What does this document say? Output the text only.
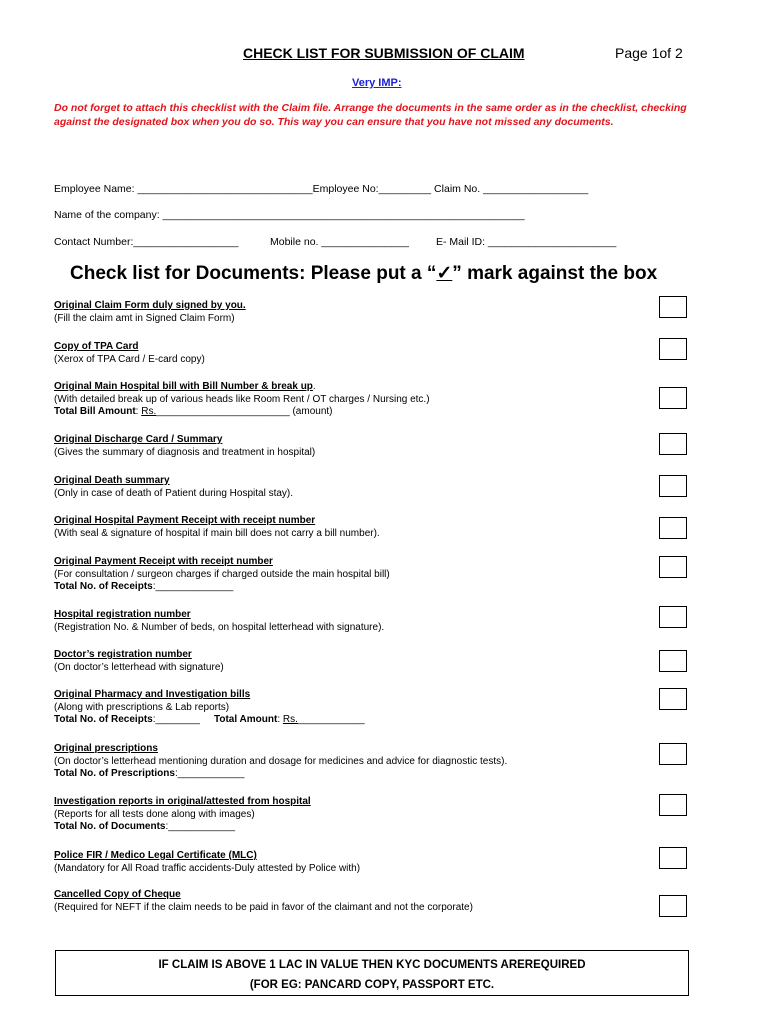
CHECK LIST FOR SUBMISSION OF CLAIM	Page 1of 2
Very IMP:
Do not forget to attach this checklist with the Claim file. Arrange the documents in the same order as in the checklist, checking against the designated box when you do so. This way you can ensure that you have not missed any documents.
Employee Name: ______________________________Employee No:_________ Claim No. __________________
Name of the company: ______________________________________________________________
Contact Number:__________________	Mobile no. _______________	E- Mail ID: ______________________
Check list for Documents: Please put a “✓” mark against the box
Original Claim Form duly signed by you.
(Fill the claim amt in Signed Claim Form)
Copy of TPA Card
(Xerox of TPA Card / E-card copy)
Original Main Hospital bill with Bill Number & break up.
(With detailed break up of various heads like Room Rent / OT charges / Nursing etc.)
Total Bill Amount: Rs.________________________ (amount)
Original Discharge Card / Summary
(Gives the summary of diagnosis and treatment in hospital)
Original Death summary
(Only in case of death of Patient during Hospital stay).
Original Hospital Payment Receipt with receipt number
(With seal & signature of hospital if main bill does not carry a bill number).
Original Payment Receipt with receipt number
(For consultation / surgeon charges if charged outside the main hospital bill)
Total No. of Receipts:______________
Hospital registration number
(Registration No. & Number of beds, on hospital letterhead with signature).
Doctor’s registration number
(On doctor’s letterhead with signature)
Original Pharmacy and Investigation bills
(Along with prescriptions & Lab reports)
Total No. of Receipts:________ Total Amount: Rs.____________
Original prescriptions
(On doctor’s letterhead mentioning duration and dosage for medicines and advice for diagnostic tests).
Total No. of Prescriptions:____________
Investigation reports in original/attested from hospital
(Reports for all tests done along with images)
Total No. of Documents:____________
Police FIR / Medico Legal Certificate (MLC)
(Mandatory for All Road traffic accidents-Duly attested by Police with)
Cancelled Copy of Cheque
(Required for NEFT if the claim needs to be paid in favor of the claimant and not the corporate)
IF CLAIM IS ABOVE 1 LAC IN VALUE THEN KYC DOCUMENTS AREREQUIRED
(FOR EG: PANCARD COPY, PASSPORT ETC.
